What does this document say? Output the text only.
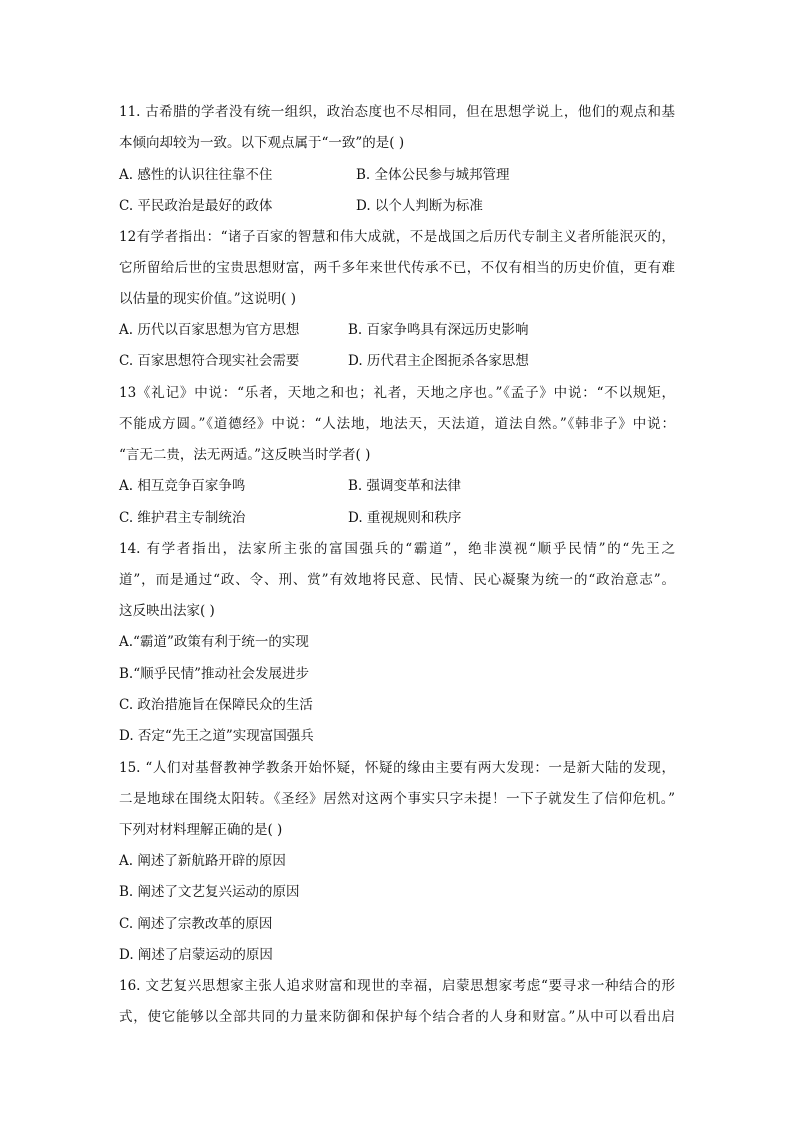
11. 古希腊的学者没有统一组织，政治态度也不尽相同，但在思想学说上，他们的观点和基
本倾向却较为一致。以下观点属于“一致”的是( )
A. 感性的认识往往靠不住	B. 全体公民参与城邦管理
C. 平民政治是最好的政体	D. 以个人判断为标准
12有学者指出：“诸子百家的智慧和伟大成就，不是战国之后历代专制主义者所能泯灭的，
它所留给后世的宝贵思想财富，两千多年来世代传承不已，不仅有相当的历史价值，更有难
以估量的现实价值。”这说明( )
A. 历代以百家思想为官方思想	B. 百家争鸣具有深远历史影响
C. 百家思想符合现实社会需要	D. 历代君主企图扼杀各家思想
13《礼记》中说：“乐者，天地之和也；礼者，天地之序也。”《孟子》中说：“不以规矩，
不能成方圆。”《道德经》中说：“人法地，地法天，天法道，道法自然。”《韩非子》中说：
“言无二贵，法无两适。”这反映当时学者( )
A. 相互竞争百家争鸣	B. 强调变革和法律
C. 维护君主专制统治	D. 重视规则和秩序
14. 有学者指出，法家所主张的富国强兵的“霸道”，绝非漠视“顺乎民情”的“先王之
道”，而是通过“政、令、刑、赏”有效地将民意、民情、民心凝聚为统一的“政治意志”。
这反映出法家( )
A.“霸道”政策有利于统一的实现
B.“顺乎民情”推动社会发展进步
C. 政治措施旨在保障民众的生活
D. 否定“先王之道”实现富国强兵
15. “人们对基督教神学教条开始怀疑，怀疑的缘由主要有两大发现：一是新大陆的发现，
二是地球在围绕太阳转。《圣经》居然对这两个事实只字未提！一下子就发生了信仰危机。”
下列对材料理解正确的是( )
A. 阐述了新航路开辟的原因
B. 阐述了文艺复兴运动的原因
C. 阐述了宗教改革的原因
D. 阐述了启蒙运动的原因
16. 文艺复兴思想家主张人追求财富和现世的幸福，启蒙思想家考虑“要寻求一种结合的形
式，使它能够以全部共同的力量来防御和保护每个结合者的人身和财富。”从中可以看出启
